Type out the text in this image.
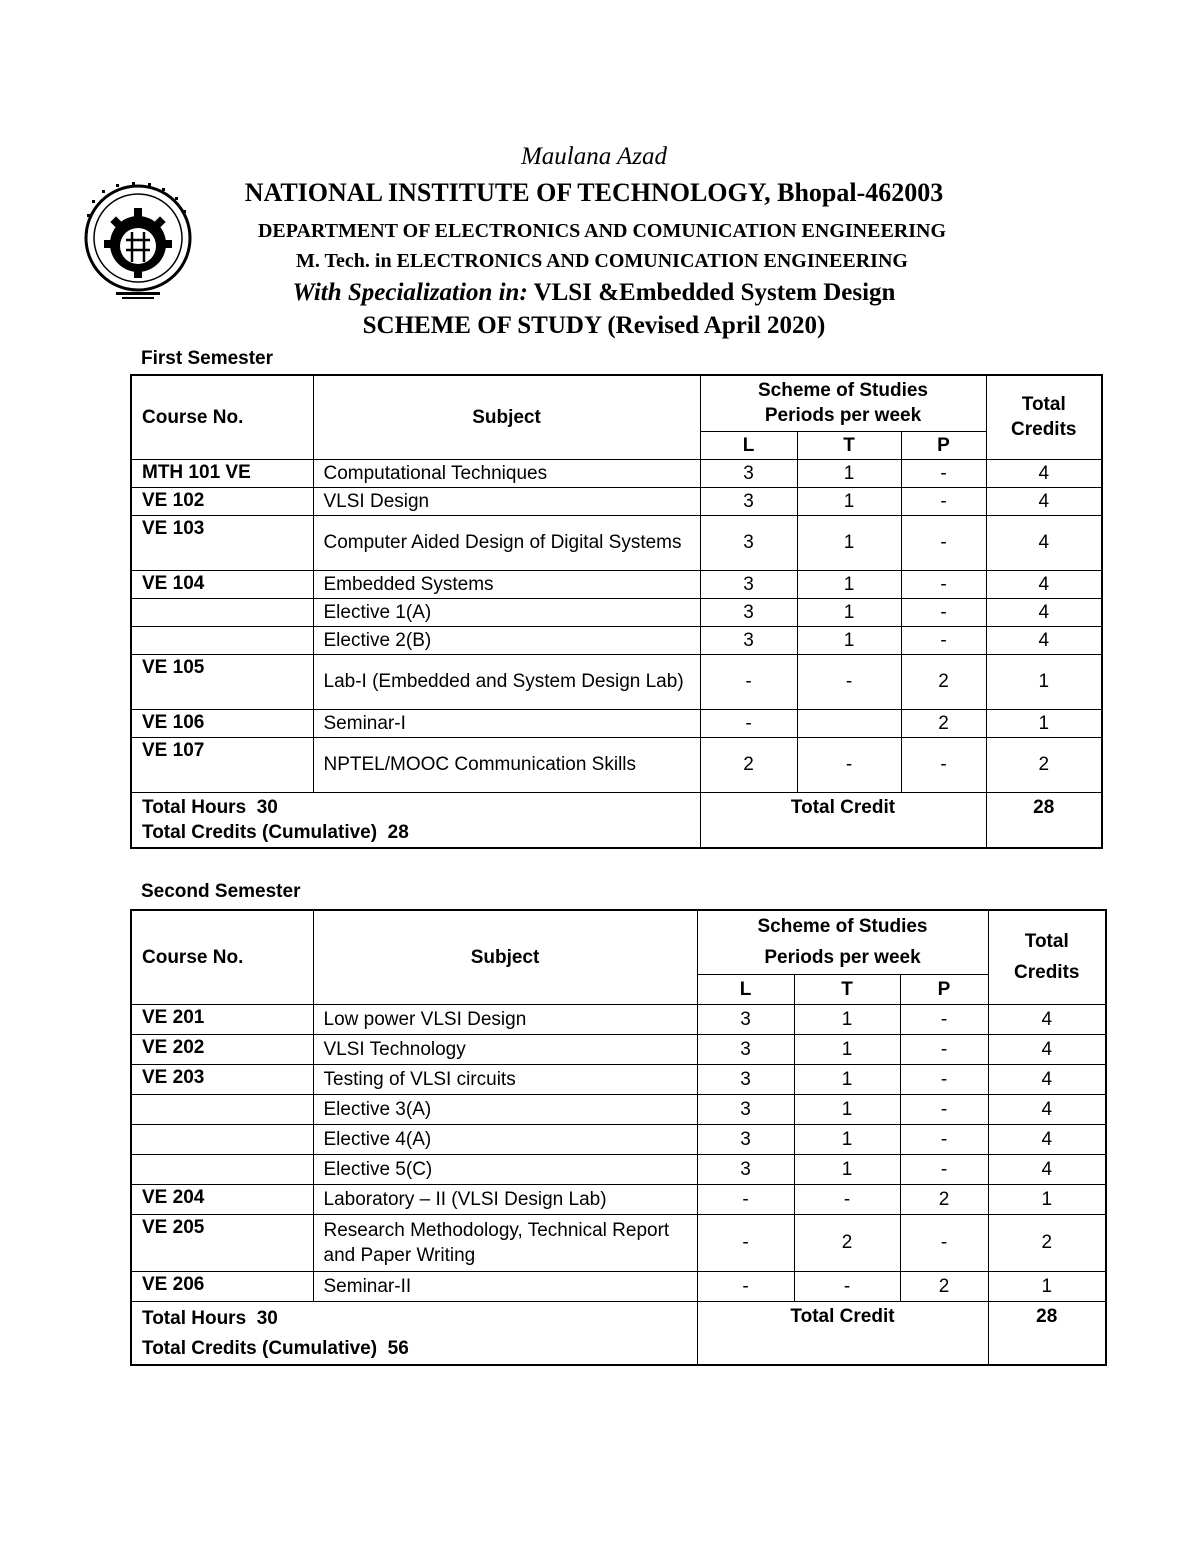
Maulana Azad
NATIONAL INSTITUTE OF TECHNOLOGY, Bhopal-462003
DEPARTMENT OF ELECTRONICS AND COMUNICATION ENGINEERING
M. Tech. in ELECTRONICS AND COMUNICATION ENGINEERING
With Specialization in: VLSI &Embedded System Design
SCHEME OF STUDY (Revised April 2020)
First Semester
Course No.	Subject	Scheme of Studies Periods per week			Total Credits
		L	T	P	
MTH 101 VE	Computational Techniques	3	1	-	4
VE 102	VLSI Design	3	1	-	4
VE 103	Computer Aided Design of Digital Systems	3	1	-	4
VE 104	Embedded Systems	3	1	-	4
	Elective 1(A)	3	1	-	4
	Elective 2(B)	3	1	-	4
VE 105	Lab-I (Embedded and System Design Lab)	-	-	2	1
VE 106	Seminar-I	-		2	1
VE 107	NPTEL/MOOC Communication Skills	2	-	-	2

Total Hours 30
Total Credits (Cumulative) 28		Total Credit			28
Second Semester
Course No.	Subject	Scheme of Studies Periods per week			Total Credits
		L	T	P	
VE 201	Low power VLSI Design	3	1	-	4
VE 202	VLSI Technology	3	1	-	4
VE 203	Testing of VLSI circuits	3	1	-	4
	Elective 3(A)	3	1	-	4
	Elective 4(A)	3	1	-	4
	Elective 5(C)	3	1	-	4
VE 204	Laboratory – II (VLSI Design Lab)	-	-	2	1
VE 205	Research Methodology, Technical Report and Paper Writing	-	2	-	2
VE 206	Seminar-II	-	-	2	1

Total Hours 30
Total Credits (Cumulative) 56		Total Credit			28
